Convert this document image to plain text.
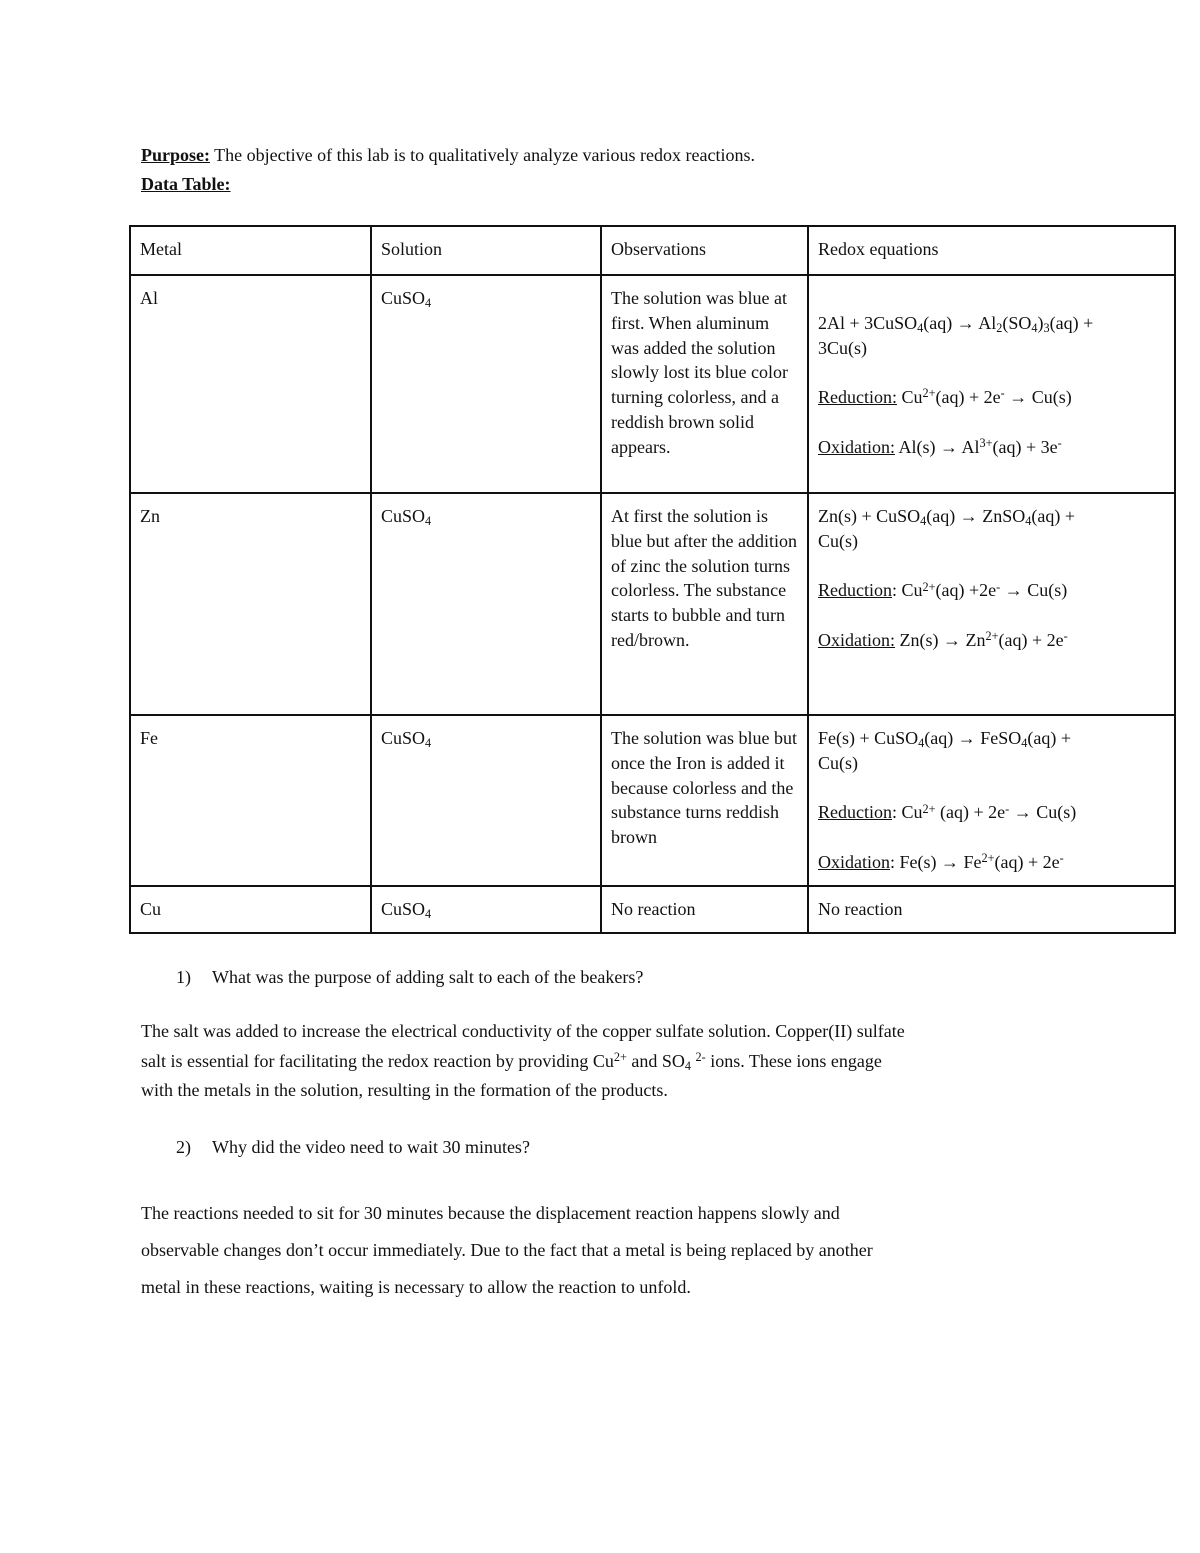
Purpose: The objective of this lab is to qualitatively analyze various redox reactions.
Data Table:
Metal	Solution	Observations	Redox equations
Al	CuSO$_4$	The solution was blue at first. When aluminum was added the solution slowly lost its blue color turning colorless, and a reddish brown solid appears.	2Al + 3CuSO$_4$(aq) → $Al_2(SO_4)_3(aq)$ +
3Cu(s)
Reduction: $Cu^{2+}(aq) + 2e^- \to Cu(s)$
Oxidation: $Al(s) \to Al^{3+}(aq) + 3e^-$

Zn	CuSO$_4$	At first the solution is blue but after the addition of zinc the solution turns colorless. The substance starts to bubble and turn red/brown.	Zn(s) + CuSO$_4$(aq) → ZnSO$_4$(aq) +
Cu(s)
Reduction: $Cu^{2+}(aq) +2e^- \to Cu(s)$
Oxidation: $Zn(s) \to Zn^{2+}(aq) + 2e^-$

Fe	CuSO$_4$	The solution was blue but once the Iron is added it because colorless and the substance turns reddish brown	Fe(s) + CuSO$_4$(aq) → FeSO$_4$(aq) +
Cu(s)
Reduction: $Cu^{2+}$ (aq) + 2e- → Cu(s)
Oxidation: $Fe(s) \to Fe^{2+}(aq) + 2e^-$

Cu	CuSO$_4$	No reaction	No reaction
1) What was the purpose of adding salt to each of the beakers?
The salt was added to increase the electrical conductivity of the copper sulfate solution. Copper(II) sulfate
salt is essential for facilitating the redox reaction by providing $Cu^{2+}$ and $SO_4$ $^{2-}$ ions. These ions engage
with the metals in the solution, resulting in the formation of the products.
2) Why did the video need to wait 30 minutes?
The reactions needed to sit for 30 minutes because the displacement reaction happens slowly and
observable changes don’t occur immediately. Due to the fact that a metal is being replaced by another
metal in these reactions, waiting is necessary to allow the reaction to unfold.
